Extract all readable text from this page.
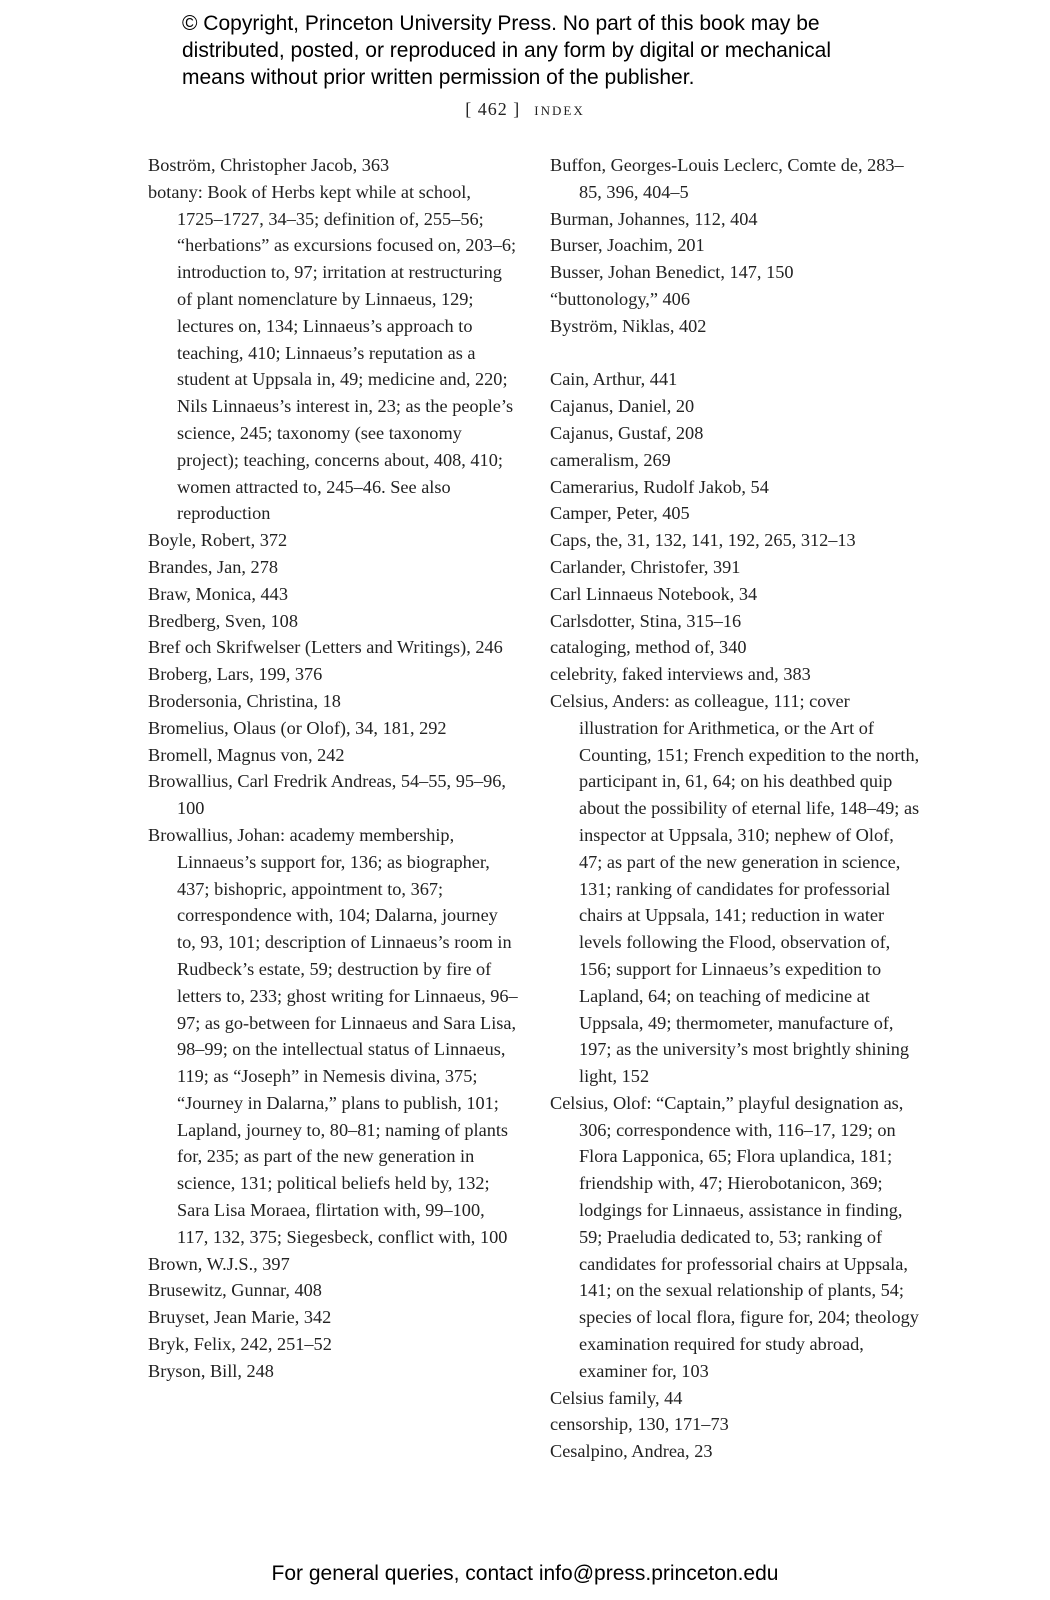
© Copyright, Princeton University Press. No part of this book may be
distributed, posted, or reproduced in any form by digital or mechanical
means without prior written permission of the publisher.
[ 462 ] index

Boström, Christopher Jacob, 363

botany: Book of Herbs kept while at school, 1725–1727, 34–35; definition of, 255–56; “herbations” as excursions focused on, 203–6; introduction to, 97; irritation at restructuring of plant nomenclature by Linnaeus, 129; lectures on, 134; Linnaeus’s approach to teaching, 410; Linnaeus’s reputation as a student at Uppsala in, 49; medicine and, 220; Nils Linnaeus’s interest in, 23; as the people’s science, 245; taxonomy (see taxonomy project); teaching, concerns about, 408, 410; women attracted to, 245–46. See also reproduction

Boyle, Robert, 372

Brandes, Jan, 278

Braw, Monica, 443

Bredberg, Sven, 108

Bref och Skrifwelser (Letters and Writings), 246

Broberg, Lars, 199, 376

Brodersonia, Christina, 18

Bromelius, Olaus (or Olof), 34, 181, 292

Bromell, Magnus von, 242

Browallius, Carl Fredrik Andreas, 54–55, 95–96, 100

Browallius, Johan: academy membership, Linnaeus’s support for, 136; as biographer, 437; bishopric, appointment to, 367; correspondence with, 104; Dalarna, journey to, 93, 101; description of Linnaeus’s room in Rudbeck’s estate, 59; destruction by fire of letters to, 233; ghost writing for Linnaeus, 96–97; as go-between for Linnaeus and Sara Lisa, 98–99; on the intellectual status of Linnaeus, 119; as “Joseph” in Nemesis divina, 375; “Journey in Dalarna,” plans to publish, 101; Lapland, journey to, 80–81; naming of plants for, 235; as part of the new generation in science, 131; political beliefs held by, 132; Sara Lisa Moraea, flirtation with, 99–100, 117, 132, 375; Siegesbeck, conflict with, 100

Brown, W.J.S., 397

Brusewitz, Gunnar, 408

Bruyset, Jean Marie, 342

Bryk, Felix, 242, 251–52

Bryson, Bill, 248

Buffon, Georges-Louis Leclerc, Comte de, 283–85, 396, 404–5

Burman, Johannes, 112, 404

Burser, Joachim, 201

Busser, Johan Benedict, 147, 150

“buttonology,” 406

Byström, Niklas, 402

Cain, Arthur, 441

Cajanus, Daniel, 20

Cajanus, Gustaf, 208

cameralism, 269

Camerarius, Rudolf Jakob, 54

Camper, Peter, 405

Caps, the, 31, 132, 141, 192, 265, 312–13

Carlander, Christofer, 391

Carl Linnaeus Notebook, 34

Carlsdotter, Stina, 315–16

cataloging, method of, 340

celebrity, faked interviews and, 383

Celsius, Anders: as colleague, 111; cover illustration for Arithmetica, or the Art of Counting, 151; French expedition to the north, participant in, 61, 64; on his deathbed quip about the possibility of eternal life, 148–49; as inspector at Uppsala, 310; nephew of Olof, 47; as part of the new generation in science, 131; ranking of candidates for professorial chairs at Uppsala, 141; reduction in water levels following the Flood, observation of, 156; support for Linnaeus’s expedition to Lapland, 64; on teaching of medicine at Uppsala, 49; thermometer, manufacture of, 197; as the university’s most brightly shining light, 152

Celsius, Olof: “Captain,” playful designation as, 306; correspondence with, 116–17, 129; on Flora Lapponica, 65; Flora uplandica, 181; friendship with, 47; Hierobotanicon, 369; lodgings for Linnaeus, assistance in finding, 59; Praeludia dedicated to, 53; ranking of candidates for professorial chairs at Uppsala, 141; on the sexual relationship of plants, 54; species of local flora, figure for, 204; theology examination required for study abroad, examiner for, 103

Celsius family, 44

censorship, 130, 171–73

Cesalpino, Andrea, 23

For general queries, contact info@press.princeton.edu
